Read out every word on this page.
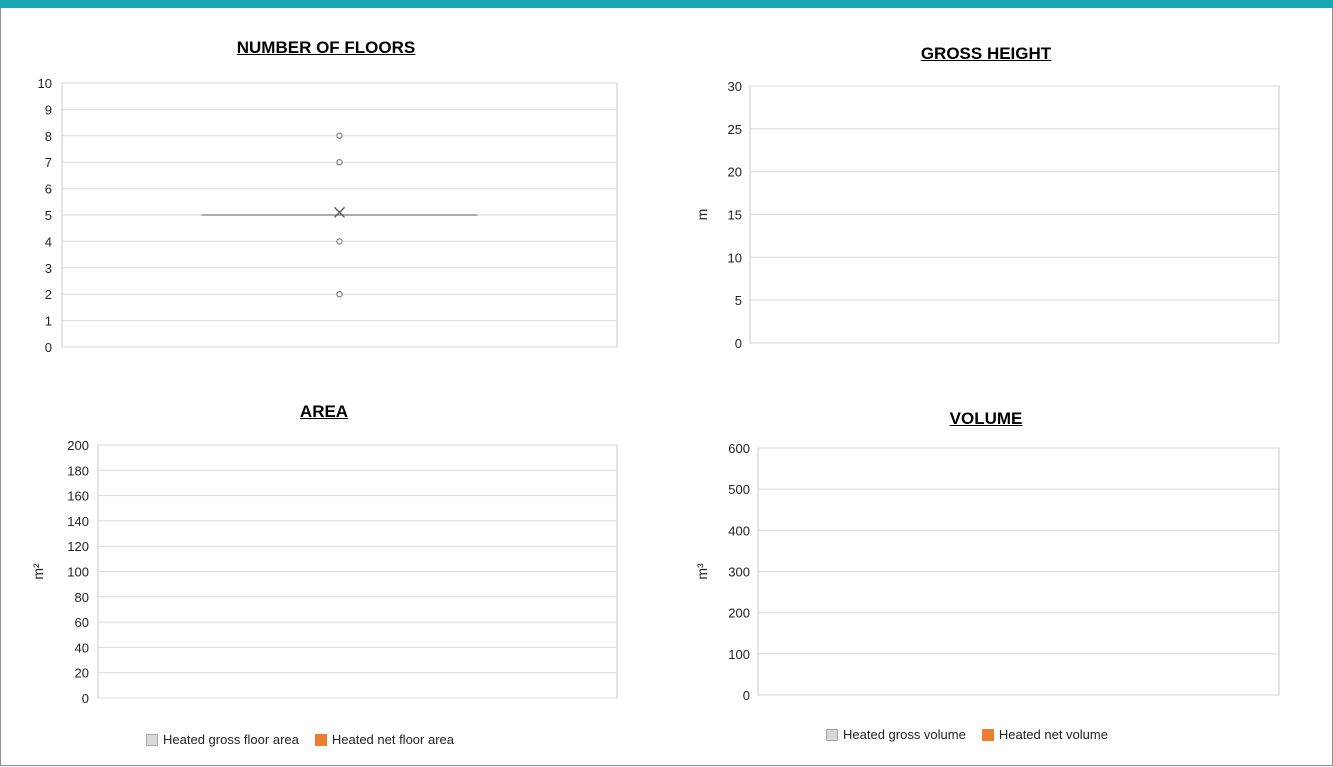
NUMBER OF FLOORS	GROSS HEIGHT
AREA	VOLUME
0
1
2
3
4
5
6
7
8
9
10
0
5
10
15
20
25
30
m
0
20
40
60
80
100
120
140
160
180
200
m²
0
100
200
300
400
500
600
m³
Heated gross floor area	Heated net floor area	Heated gross volume	Heated net volume
